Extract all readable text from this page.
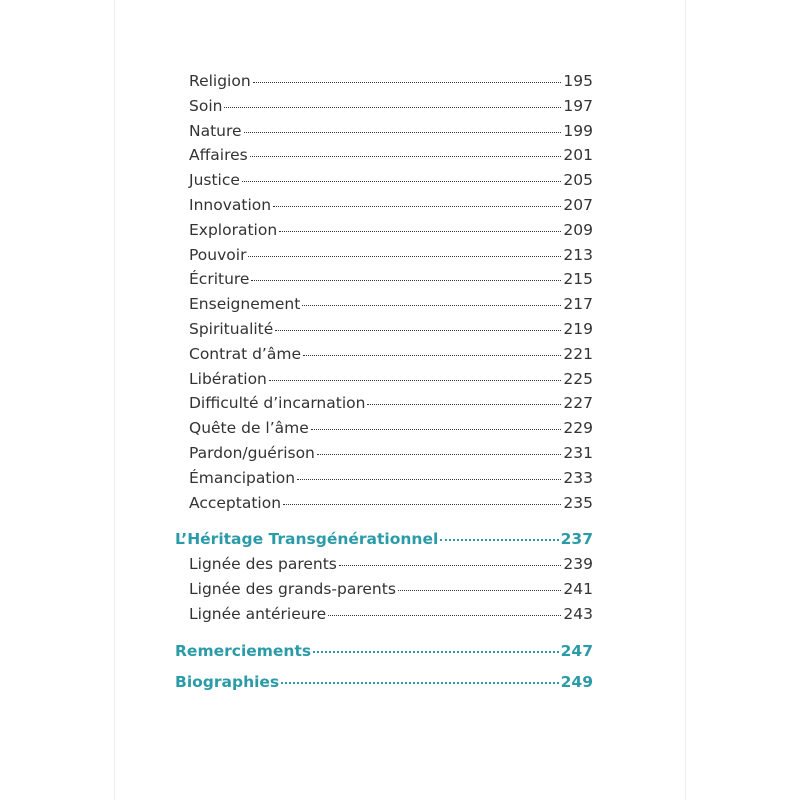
Religion	195
Soin	197
Nature	199
Affaires	201
Justice	205
Innovation	207
Exploration	209
Pouvoir	213
Écriture	215
Enseignement	217
Spiritualité	219
Contrat d’âme	221
Libération	225
Difficulté d’incarnation	227
Quête de l’âme	229
Pardon/guérison	231
Émancipation	233
Acceptation	235
L’Héritage Transgénérationnel	237
Lignée des parents	239
Lignée des grands-parents	241
Lignée antérieure	243
Remerciements	247
Biographies	249
